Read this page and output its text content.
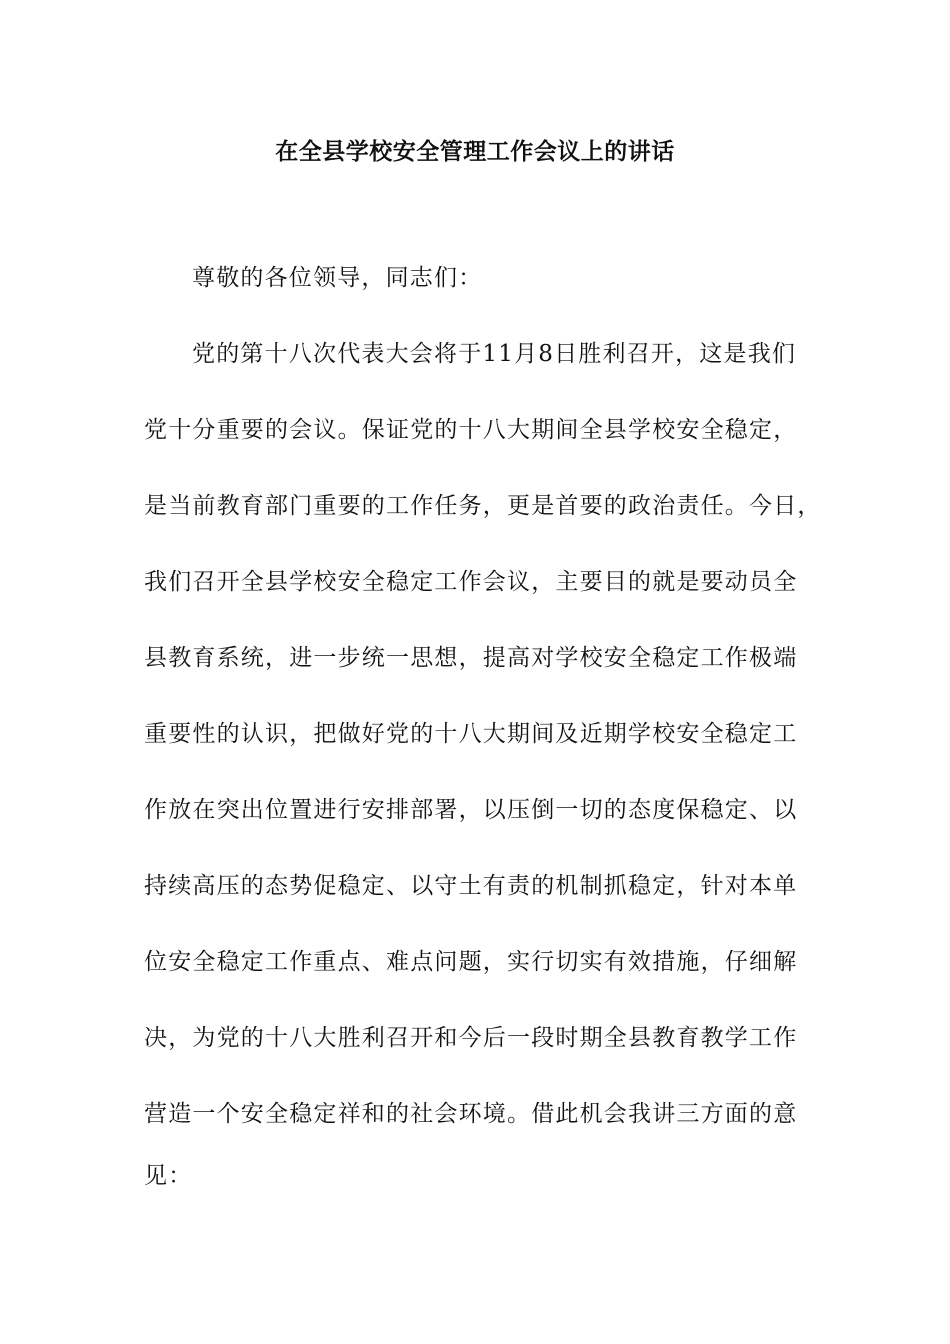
在全县学校安全管理工作会议上的讲话
尊敬的各位领导，同志们：
党的第十八次代表大会将于11月8日胜利召开，这是我们
党十分重要的会议。保证党的十八大期间全县学校安全稳定，
是当前教育部门重要的工作任务，更是首要的政治责任。今日，
我们召开全县学校安全稳定工作会议，主要目的就是要动员全
县教育系统，进一步统一思想，提高对学校安全稳定工作极端
重要性的认识，把做好党的十八大期间及近期学校安全稳定工
作放在突出位置进行安排部署，以压倒一切的态度保稳定、以
持续高压的态势促稳定、以守土有责的机制抓稳定，针对本单
位安全稳定工作重点、难点问题，实行切实有效措施，仔细解
决，为党的十八大胜利召开和今后一段时期全县教育教学工作
营造一个安全稳定祥和的社会环境。借此机会我讲三方面的意
见：
